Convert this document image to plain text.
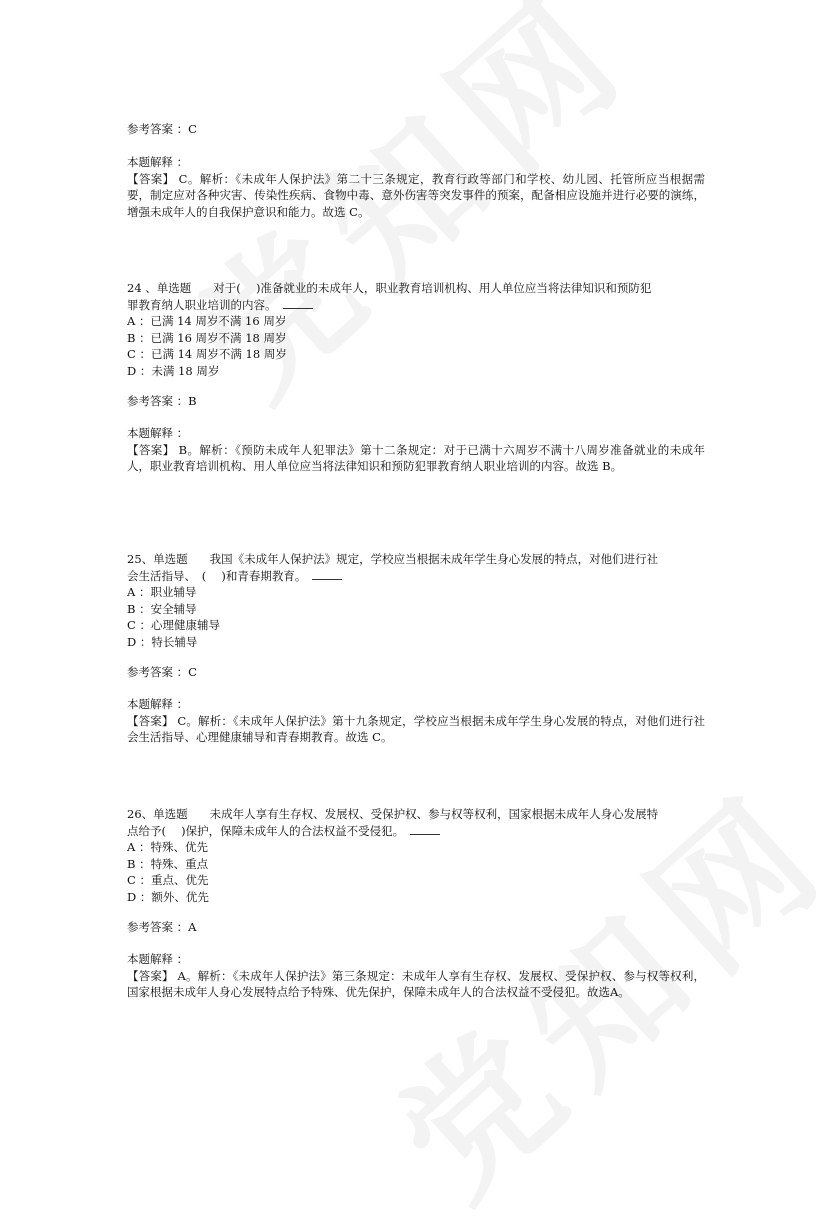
参考答案 ：C
本题解释 ：
【答案】 C。解析：《未成年人保护法》第二十三条规定，教育行政等部门和学校、幼儿园、托管所应当根据需要，制定应对各种灾害、传染性疾病、食物中毒、意外伤害等突发事件的预案，配备相应设施并进行必要的演练，增强未成年人的自我保护意识和能力。故选 C。
24 、单选题 对于(　 )准备就业的未成年人，职业教育培训机构、用人单位应当将法律知识和预防犯
罪教育纳人职业培训的内容。
A ：已满 14 周岁不满 16 周岁
B ：已满 16 周岁不满 18 周岁
C ：已满 14 周岁不满 18 周岁
D ：未满 18 周岁
参考答案 ：B
本题解释 ：
【答案】 B。解析：《预防未成年人犯罪法》第十二条规定：对于已满十六周岁不满十八周岁准备就业的未成年人，职业教育培训机构、用人单位应当将法律知识和预防犯罪教育纳人职业培训的内容。故选 B。
25、单选题 我国《未成年人保护法》规定，学校应当根据未成年学生身心发展的特点，对他们进行社
会生活指导、　(　 )和青春期教育。
A ：职业辅导
B ：安全辅导
C ：心理健康辅导
D ：特长辅导
参考答案 ：C
本题解释 ：
【答案】 C。解析：《未成年人保护法》第十九条规定，学校应当根据未成年学生身心发展的特点，对他们进行社会生活指导、心理健康辅导和青春期教育。故选 C。
26、单选题 未成年人享有生存权、发展权、受保护权、参与权等权利，国家根据未成年人身心发展特
点给予(　 )保护，保障未成年人的合法权益不受侵犯。
A ：特殊、优先
B ：特殊、重点
C ：重点、优先
D ：额外、优先
参考答案 ：A
本题解释 ：
【答案】 A。解析：《未成年人保护法》第三条规定：未成年人享有生存权、发展权、受保护权、参与权等权利，国家根据未成年人身心发展特点给予特殊、优先保护，保障未成年人的合法权益不受侵犯。故选A。
